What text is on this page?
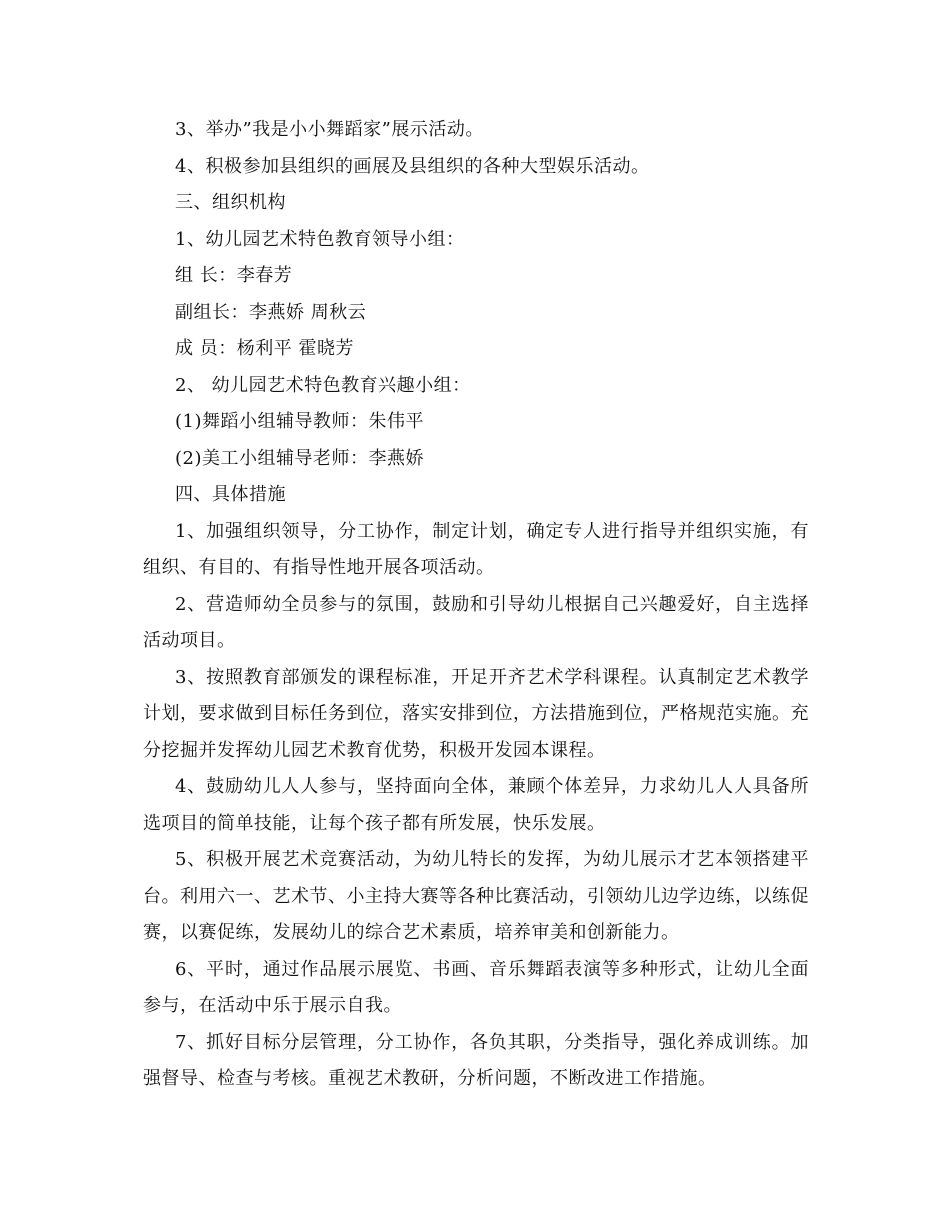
3、举办”我是小小舞蹈家”展示活动。

4、积极参加县组织的画展及县组织的各种大型娱乐活动。

三、组织机构

1、幼儿园艺术特色教育领导小组：

组 长：李春芳

副组长：李燕娇 周秋云

成 员：杨利平 霍晓芳

2、 幼儿园艺术特色教育兴趣小组：

(1)舞蹈小组辅导教师：朱伟平

(2)美工小组辅导老师：李燕娇

四、具体措施

1、加强组织领导，分工协作，制定计划，确定专人进行指导并组织实施，有组织、有目的、有指导性地开展各项活动。

2、营造师幼全员参与的氛围，鼓励和引导幼儿根据自己兴趣爱好，自主选择活动项目。

3、按照教育部颁发的课程标准，开足开齐艺术学科课程。认真制定艺术教学计划，要求做到目标任务到位，落实安排到位，方法措施到位，严格规范实施。充分挖掘并发挥幼儿园艺术教育优势，积极开发园本课程。

4、鼓励幼儿人人参与，坚持面向全体，兼顾个体差异，力求幼儿人人具备所选项目的简单技能，让每个孩子都有所发展，快乐发展。

5、积极开展艺术竞赛活动，为幼儿特长的发挥，为幼儿展示才艺本领搭建平台。利用六一、艺术节、小主持大赛等各种比赛活动，引领幼儿边学边练，以练促赛，以赛促练，发展幼儿的综合艺术素质，培养审美和创新能力。

6、平时，通过作品展示展览、书画、音乐舞蹈表演等多种形式，让幼儿全面参与，在活动中乐于展示自我。

7、抓好目标分层管理，分工协作，各负其职，分类指导，强化养成训练。加强督导、检查与考核。重视艺术教研，分析问题，不断改进工作措施。
